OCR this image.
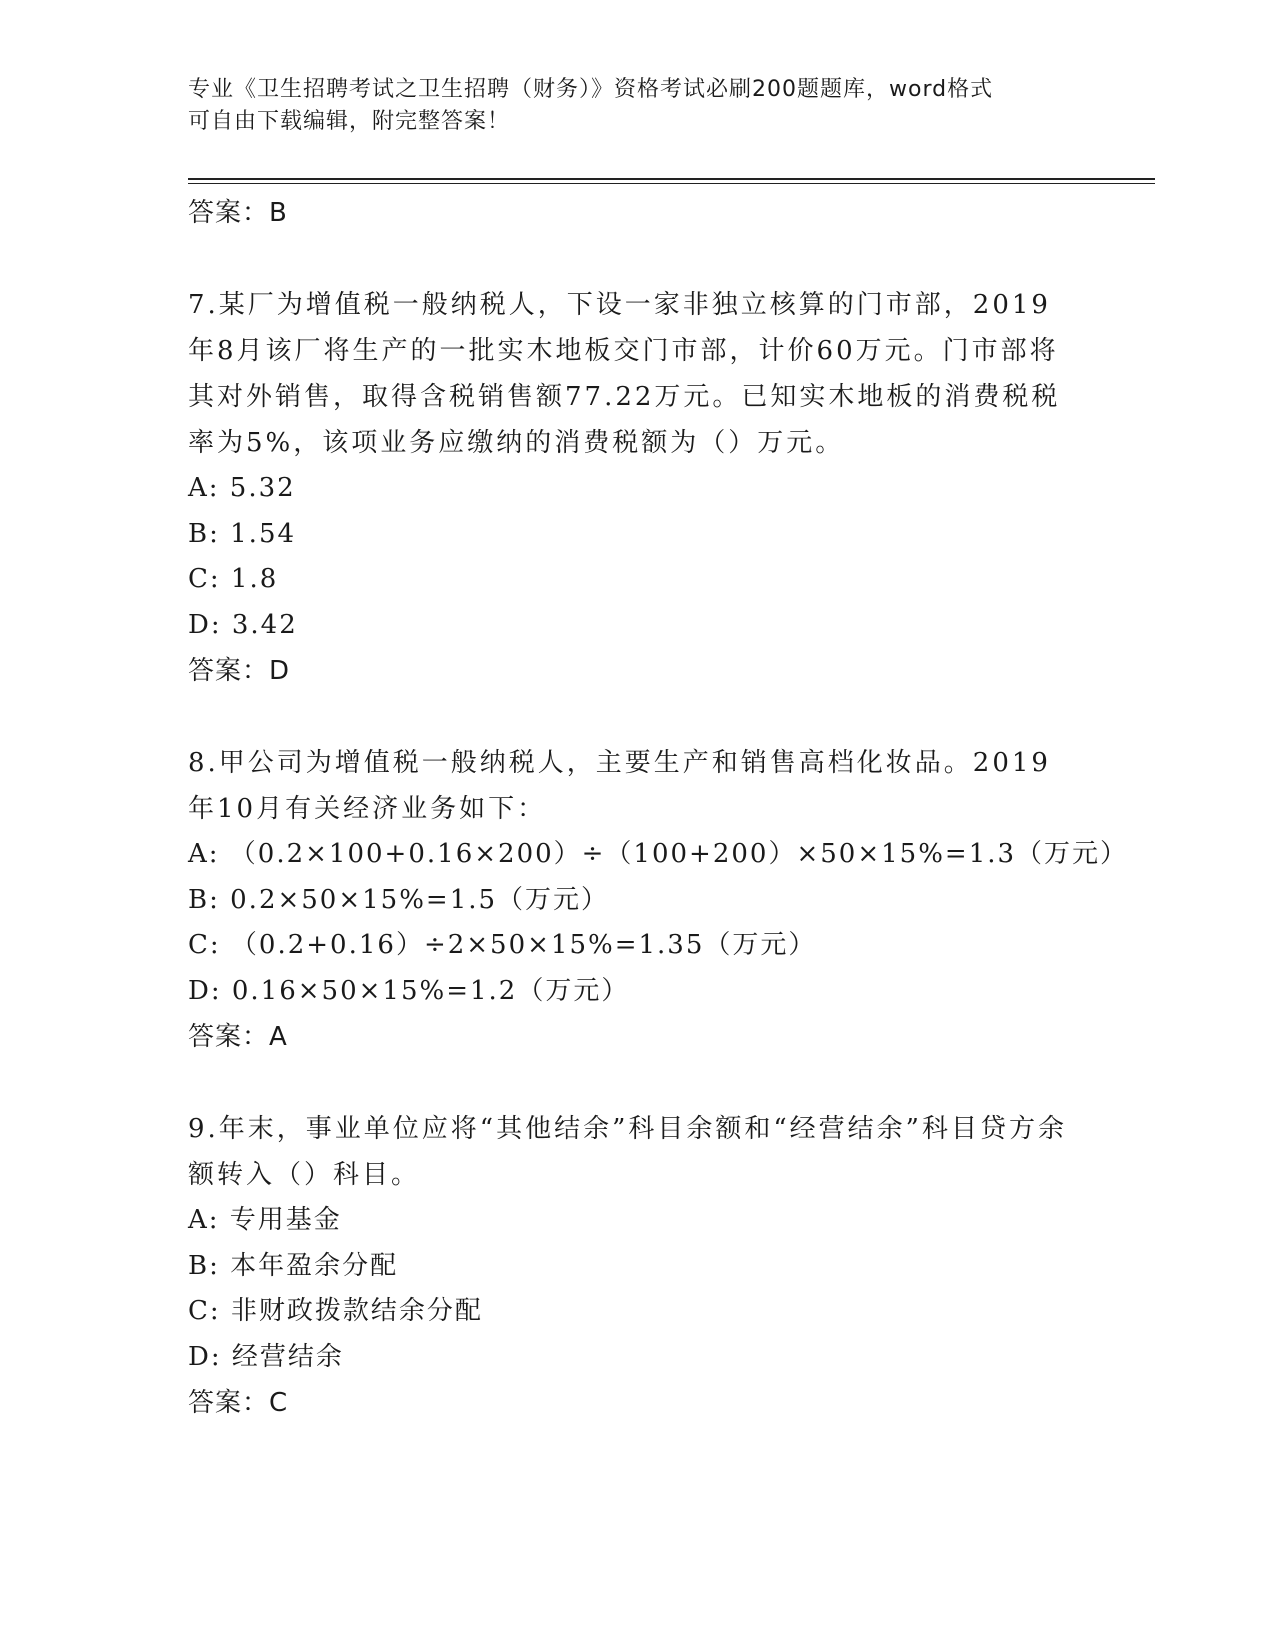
专业《卫生招聘考试之卫生招聘（财务）》资格考试必刷200题题库，word格式
可自由下载编辑，附完整答案！

答案：B

7.某厂为增值税一般纳税人，下设一家非独立核算的门市部，2019年8月该厂将生产的一批实木地板交门市部，计价60万元。门市部将其对外销售，取得含税销售额77.22万元。已知实木地板的消费税税率为5%，该项业务应缴纳的消费税额为（）万元。

A: 5.32

B: 1.54

C: 1.8

D: 3.42

答案：D

8.甲公司为增值税一般纳税人，主要生产和销售高档化妆品。2019年10月有关经济业务如下：

A: （0.2×100+0.16×200）÷（100+200）×50×15%=1.3（万元）

B: 0.2×50×15%=1.5（万元）

C: （0.2+0.16）÷2×50×15%=1.35（万元）

D: 0.16×50×15%=1.2（万元）

答案：A

9.年末，事业单位应将“其他结余”科目余额和“经营结余”科目贷方余额转入（）科目。

A: 专用基金

B: 本年盈余分配

C: 非财政拨款结余分配

D: 经营结余

答案：C
